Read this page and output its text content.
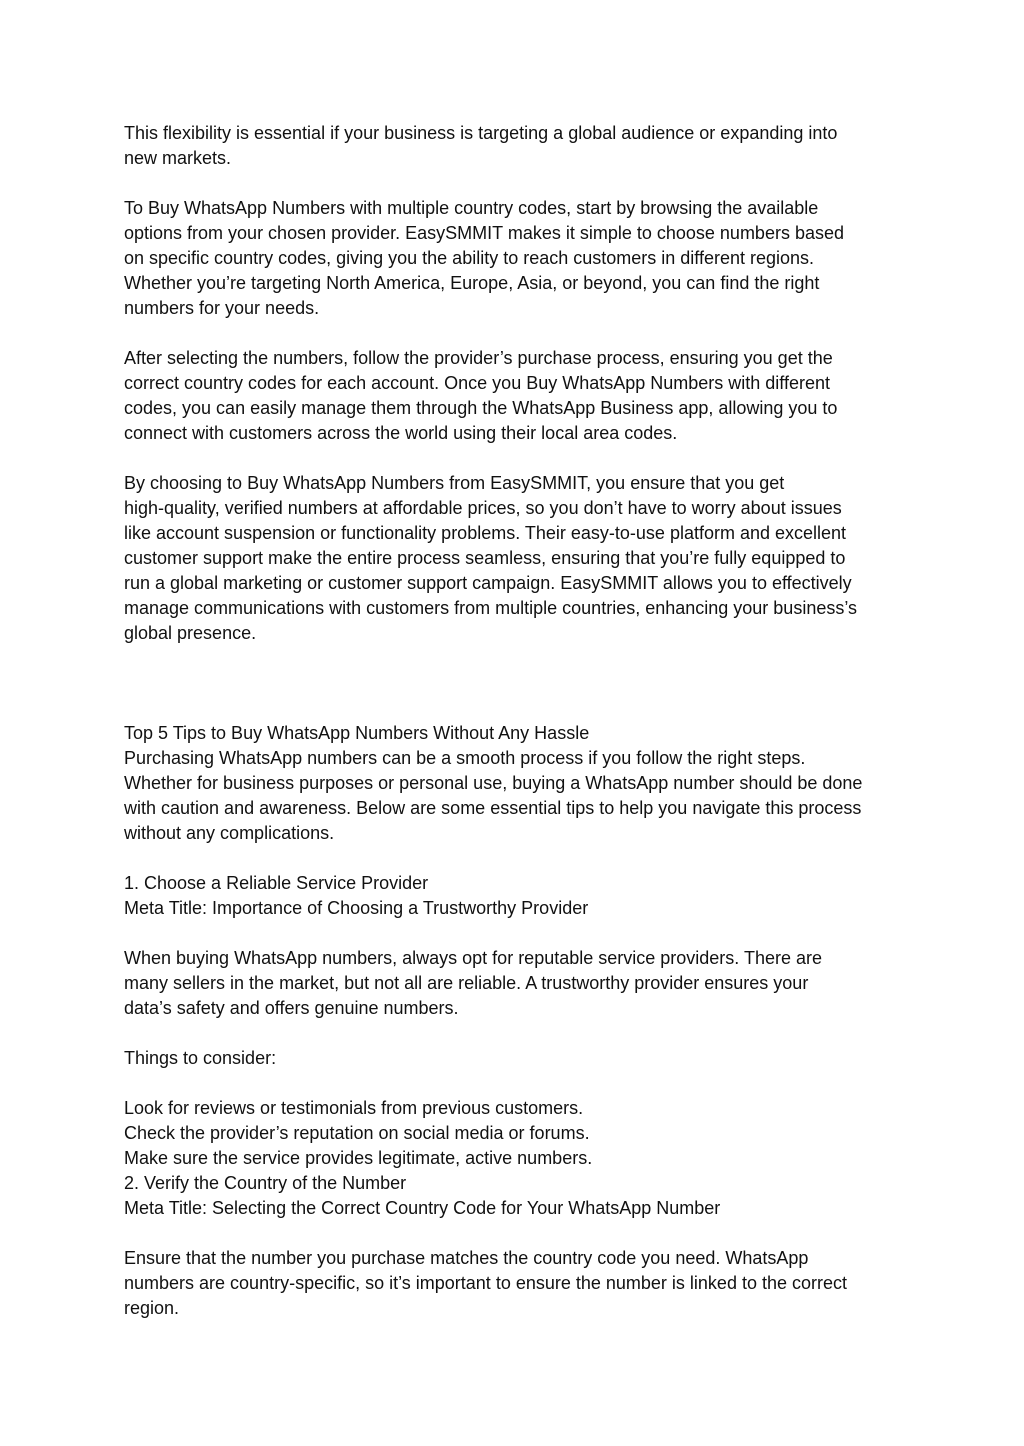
This flexibility is essential if your business is targeting a global audience or expanding into
new markets.

To Buy WhatsApp Numbers with multiple country codes, start by browsing the available
options from your chosen provider. EasySMMIT makes it simple to choose numbers based
on specific country codes, giving you the ability to reach customers in different regions.
Whether you’re targeting North America, Europe, Asia, or beyond, you can find the right
numbers for your needs.

After selecting the numbers, follow the provider’s purchase process, ensuring you get the
correct country codes for each account. Once you Buy WhatsApp Numbers with different
codes, you can easily manage them through the WhatsApp Business app, allowing you to
connect with customers across the world using their local area codes.

By choosing to Buy WhatsApp Numbers from EasySMMIT, you ensure that you get
high-quality, verified numbers at affordable prices, so you don’t have to worry about issues
like account suspension or functionality problems. Their easy-to-use platform and excellent
customer support make the entire process seamless, ensuring that you’re fully equipped to
run a global marketing or customer support campaign. EasySMMIT allows you to effectively
manage communications with customers from multiple countries, enhancing your business’s
global presence.

Top 5 Tips to Buy WhatsApp Numbers Without Any Hassle

Purchasing WhatsApp numbers can be a smooth process if you follow the right steps.
Whether for business purposes or personal use, buying a WhatsApp number should be done
with caution and awareness. Below are some essential tips to help you navigate this process
without any complications.

1. Choose a Reliable Service Provider

Meta Title: Importance of Choosing a Trustworthy Provider

When buying WhatsApp numbers, always opt for reputable service providers. There are
many sellers in the market, but not all are reliable. A trustworthy provider ensures your
data’s safety and offers genuine numbers.

Things to consider:

Look for reviews or testimonials from previous customers.

Check the provider’s reputation on social media or forums.

Make sure the service provides legitimate, active numbers.

2. Verify the Country of the Number

Meta Title: Selecting the Correct Country Code for Your WhatsApp Number

Ensure that the number you purchase matches the country code you need. WhatsApp
numbers are country-specific, so it’s important to ensure the number is linked to the correct
region.
